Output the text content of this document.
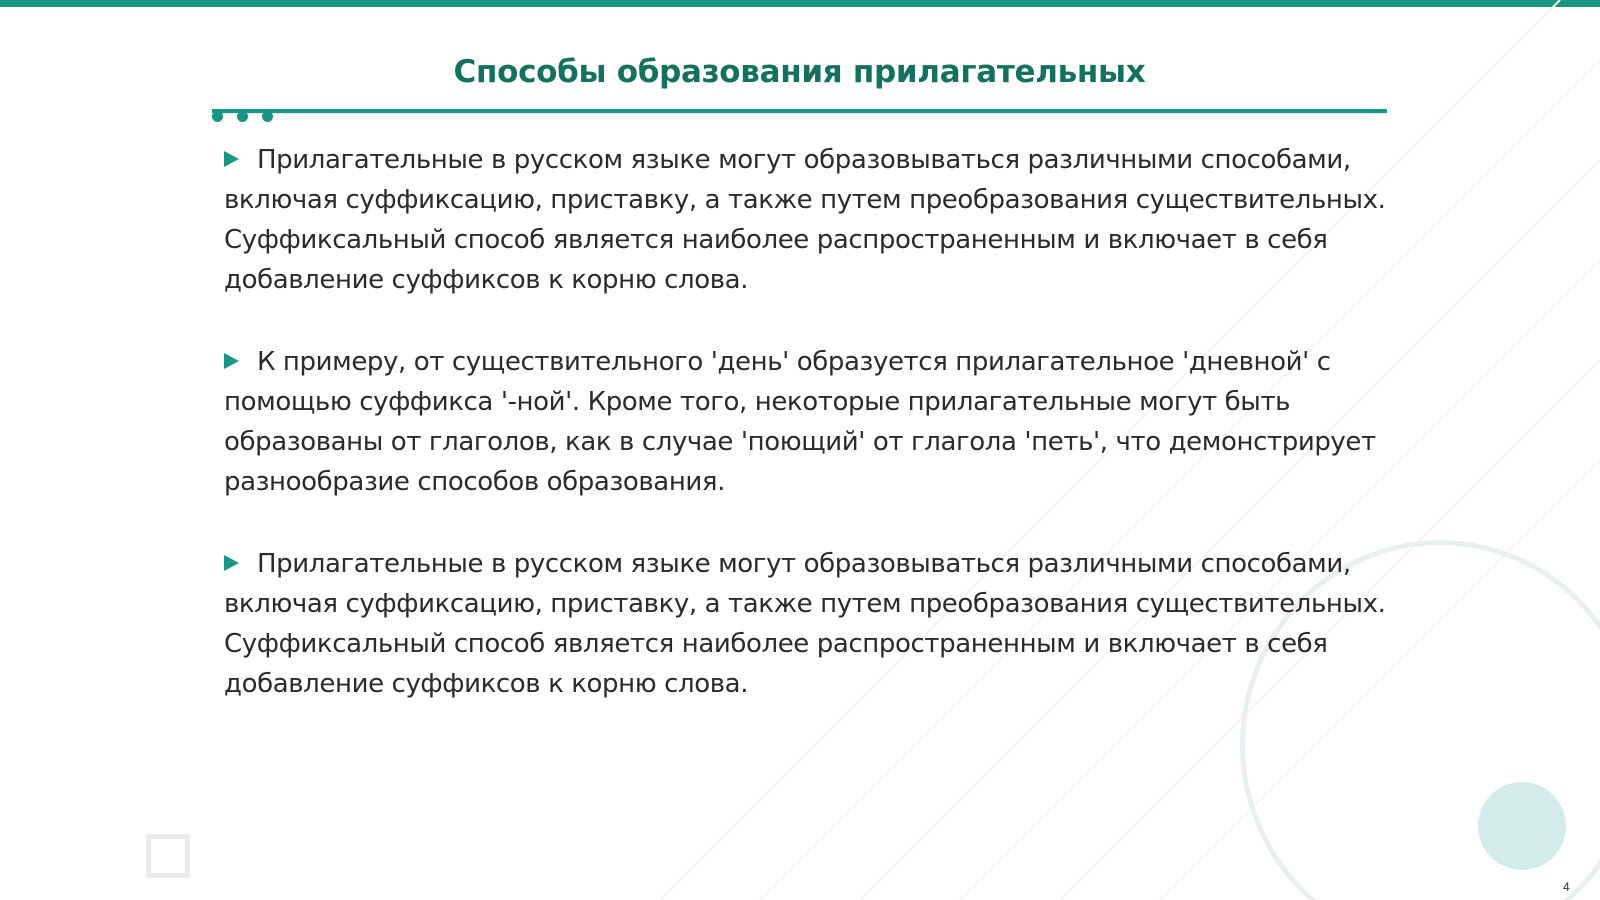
Способы образования прилагательных

Прилагательные в русском языке могут образовываться различными способами, включая суффиксацию, приставку, а также путем преобразования существительных. Суффиксальный способ является наиболее распространенным и включает в себя добавление суффиксов к корню слова.

К примеру, от существительного 'день' образуется прилагательное 'дневной' с помощью суффикса '-ной'. Кроме того, некоторые прилагательные могут быть образованы от глаголов, как в случае 'поющий' от глагола 'петь', что демонстрирует разнообразие способов образования.

Прилагательные в русском языке могут образовываться различными способами, включая суффиксацию, приставку, а также путем преобразования существительных. Суффиксальный способ является наиболее распространенным и включает в себя добавление суффиксов к корню слова.

4
